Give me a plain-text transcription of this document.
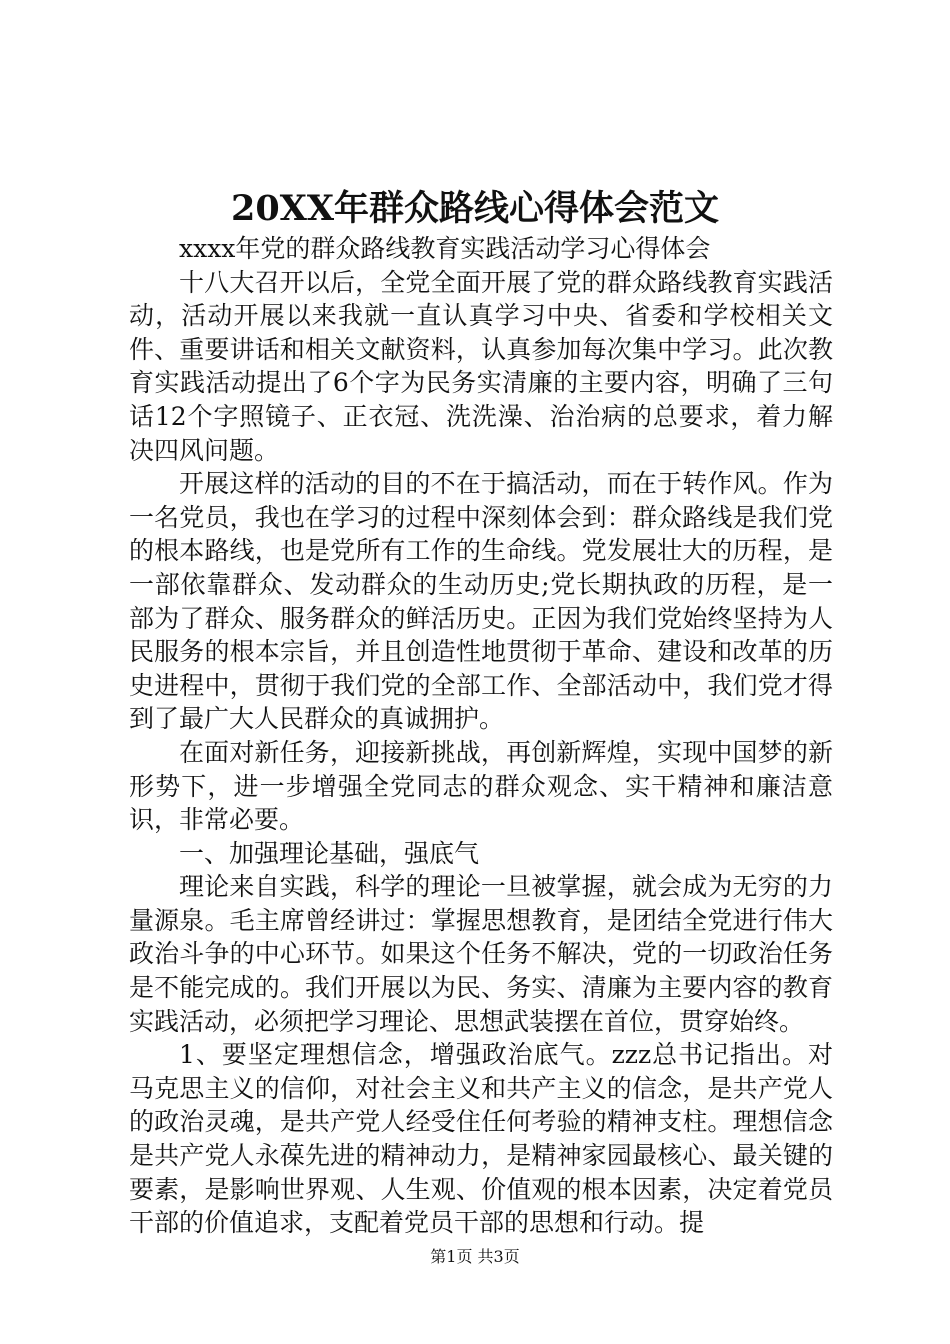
20XX年群众路线心得体会范文

xxxx年党的群众路线教育实践活动学习心得体会

十八大召开以后，全党全面开展了党的群众路线教育实践活动，活动开展以来我就一直认真学习中央、省委和学校相关文件、重要讲话和相关文献资料，认真参加每次集中学习。此次教育实践活动提出了6个字为民务实清廉的主要内容，明确了三句话12个字照镜子、正衣冠、洗洗澡、治治病的总要求，着力解决四风问题。

开展这样的活动的目的不在于搞活动，而在于转作风。作为一名党员，我也在学习的过程中深刻体会到：群众路线是我们党的根本路线，也是党所有工作的生命线。党发展壮大的历程，是一部依靠群众、发动群众的生动历史;党长期执政的历程，是一部为了群众、服务群众的鲜活历史。正因为我们党始终坚持为人民服务的根本宗旨，并且创造性地贯彻于革命、建设和改革的历史进程中，贯彻于我们党的全部工作、全部活动中，我们党才得到了最广大人民群众的真诚拥护。

在面对新任务，迎接新挑战，再创新辉煌，实现中国梦的新形势下，进一步增强全党同志的群众观念、实干精神和廉洁意识，非常必要。

一、加强理论基础，强底气

理论来自实践，科学的理论一旦被掌握，就会成为无穷的力量源泉。毛主席曾经讲过：掌握思想教育，是团结全党进行伟大政治斗争的中心环节。如果这个任务不解决，党的一切政治任务是不能完成的。我们开展以为民、务实、清廉为主要内容的教育实践活动，必须把学习理论、思想武装摆在首位，贯穿始终。

1、要坚定理想信念，增强政治底气。zzz总书记指出。对马克思主义的信仰，对社会主义和共产主义的信念，是共产党人的政治灵魂，是共产党人经受住任何考验的精神支柱。理想信念是共产党人永葆先进的精神动力，是精神家园最核心、最关键的要素，是影响世界观、人生观、价值观的根本因素，决定着党员干部的价值追求，支配着党员干部的思想和行动。提

第1页 共3页
